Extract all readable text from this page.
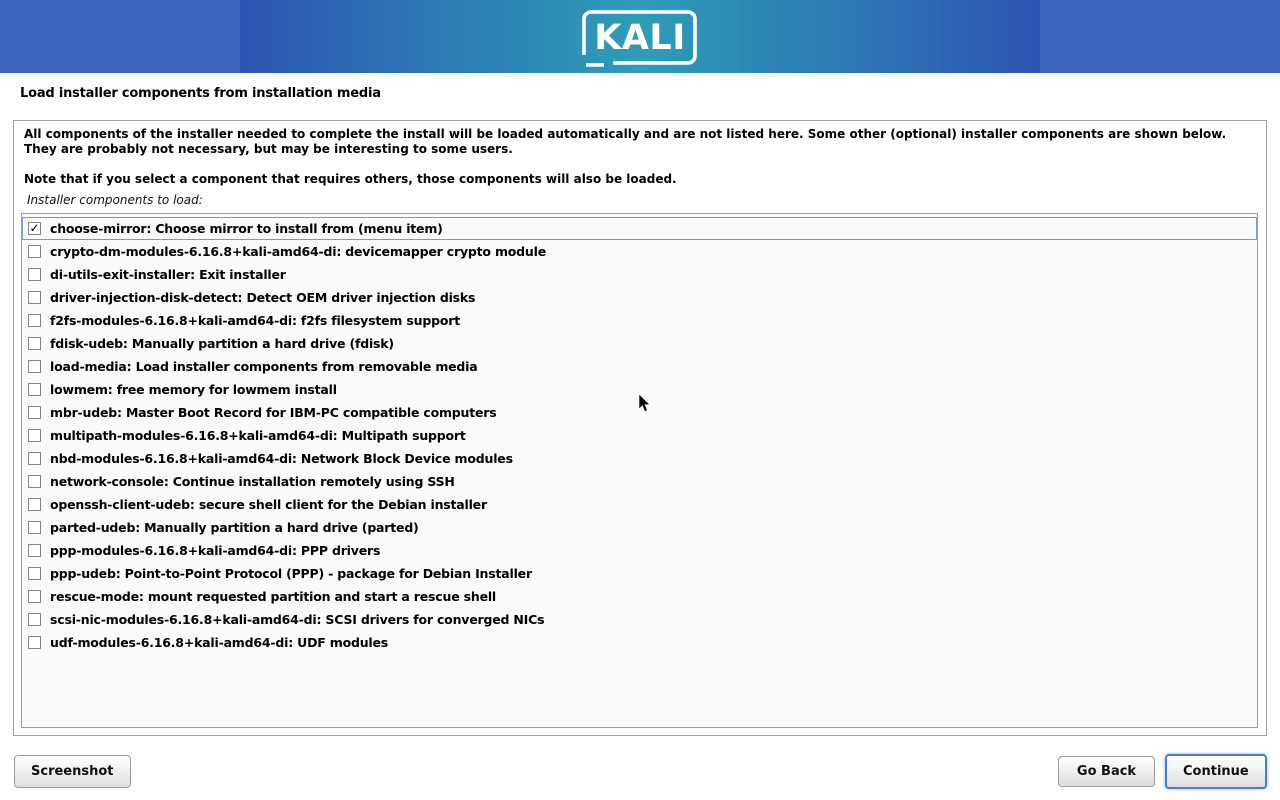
KALI
Load installer components from installation media
All components of the installer needed to complete the install will be loaded automatically and are not listed here. Some other (optional) installer components are shown below.
They are probably not necessary, but may be interesting to some users.
Note that if you select a component that requires others, those components will also be loaded.
Installer components to load:
✓ choose-mirror: Choose mirror to install from (menu item)
crypto-dm-modules-6.16.8+kali-amd64-di: devicemapper crypto module
di-utils-exit-installer: Exit installer
driver-injection-disk-detect: Detect OEM driver injection disks
f2fs-modules-6.16.8+kali-amd64-di: f2fs filesystem support
fdisk-udeb: Manually partition a hard drive (fdisk)
load-media: Load installer components from removable media
lowmem: free memory for lowmem install
mbr-udeb: Master Boot Record for IBM-PC compatible computers
multipath-modules-6.16.8+kali-amd64-di: Multipath support
nbd-modules-6.16.8+kali-amd64-di: Network Block Device modules
network-console: Continue installation remotely using SSH
openssh-client-udeb: secure shell client for the Debian installer
parted-udeb: Manually partition a hard drive (parted)
ppp-modules-6.16.8+kali-amd64-di: PPP drivers
ppp-udeb: Point-to-Point Protocol (PPP) - package for Debian Installer
rescue-mode: mount requested partition and start a rescue shell
scsi-nic-modules-6.16.8+kali-amd64-di: SCSI drivers for converged NICs
udf-modules-6.16.8+kali-amd64-di: UDF modules
Screenshot	Go Back	Continue
